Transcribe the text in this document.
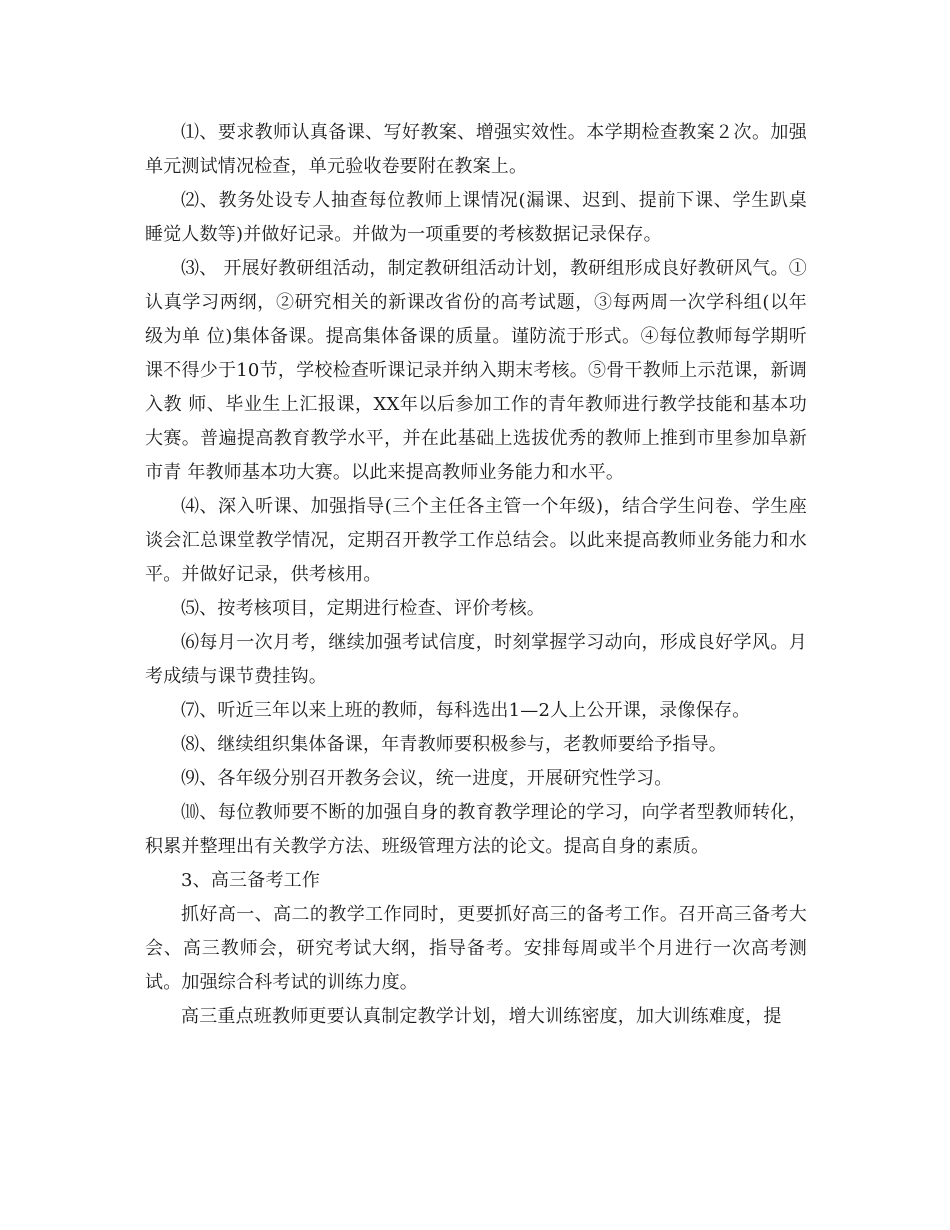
⑴、要求教师认真备课、写好教案、增强实效性。本学期检查教案２次。加强单元测试情况检查，单元验收卷要附在教案上。

⑵、教务处设专人抽查每位教师上课情况(漏课、迟到、提前下课、学生趴桌睡觉人数等)并做好记录。并做为一项重要的考核数据记录保存。

⑶、 开展好教研组活动，制定教研组活动计划，教研组形成良好教研风气。①认真学习两纲，②研究相关的新课改省份的高考试题，③每两周一次学科组(以年级为单 位)集体备课。提高集体备课的质量。谨防流于形式。④每位教师每学期听课不得少于10节，学校检查听课记录并纳入期末考核。⑤骨干教师上示范课，新调入教 师、毕业生上汇报课，XX年以后参加工作的青年教师进行教学技能和基本功大赛。普遍提高教育教学水平，并在此基础上选拔优秀的教师上推到市里参加阜新市青 年教师基本功大赛。以此来提高教师业务能力和水平。

⑷、深入听课、加强指导(三个主任各主管一个年级)，结合学生问卷、学生座谈会汇总课堂教学情况，定期召开教学工作总结会。以此来提高教师业务能力和水平。并做好记录，供考核用。

⑸、按考核项目，定期进行检查、评价考核。

⑹每月一次月考，继续加强考试信度，时刻掌握学习动向，形成良好学风。月考成绩与课节费挂钩。

⑺、听近三年以来上班的教师，每科选出1—2人上公开课，录像保存。

⑻、继续组织集体备课，年青教师要积极参与，老教师要给予指导。

⑼、各年级分别召开教务会议，统一进度，开展研究性学习。

⑽、每位教师要不断的加强自身的教育教学理论的学习，向学者型教师转化，积累并整理出有关教学方法、班级管理方法的论文。提高自身的素质。

3、高三备考工作

抓好高一、高二的教学工作同时，更要抓好高三的备考工作。召开高三备考大会、高三教师会，研究考试大纲，指导备考。安排每周或半个月进行一次高考测试。加强综合科考试的训练力度。

高三重点班教师更要认真制定教学计划，增大训练密度，加大训练难度，提
